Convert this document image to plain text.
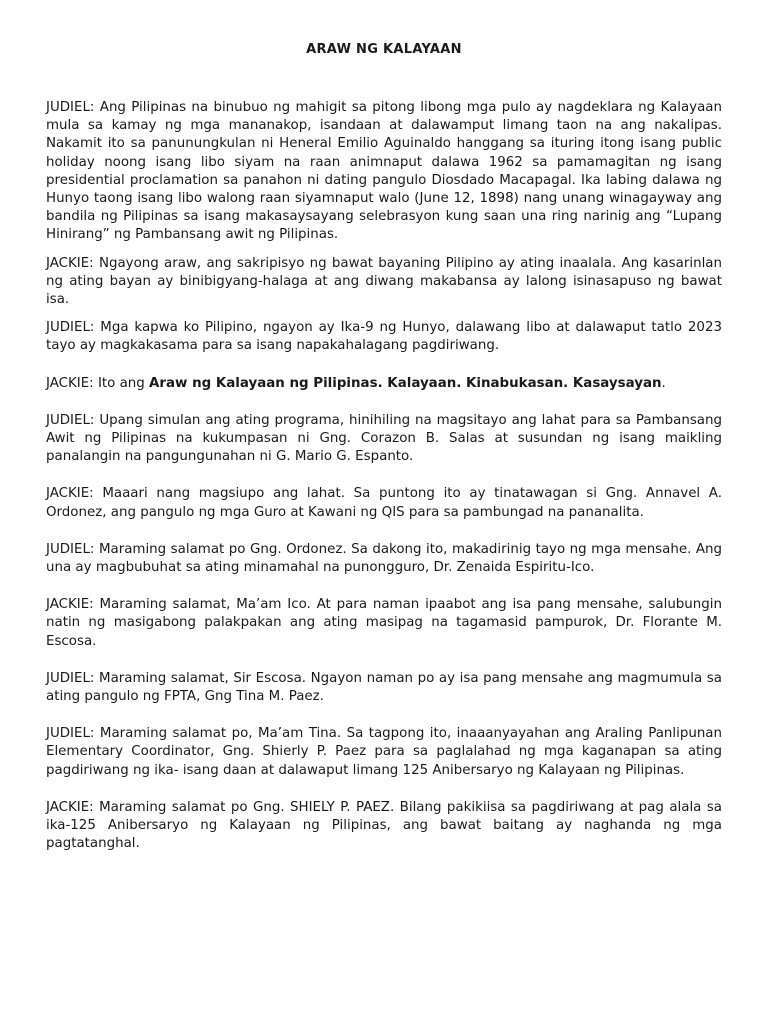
ARAW NG KALAYAAN

JUDIEL: Ang Pilipinas na binubuo ng mahigit sa pitong libong mga pulo ay nagdeklara ng Kalayaan mula sa kamay ng mga mananakop, isandaan at dalawamput limang taon na ang nakalipas. Nakamit ito sa panunungkulan ni Heneral Emilio Aguinaldo hanggang sa ituring itong isang public holiday noong isang libo siyam na raan animnaput dalawa 1962 sa pamamagitan ng isang presidential proclamation sa panahon ni dating pangulo Diosdado Macapagal. Ika labing dalawa ng Hunyo taong isang libo walong raan siyamnaput walo (June 12, 1898) nang unang winagayway ang bandila ng Pilipinas sa isang makasaysayang selebrasyon kung saan una ring narinig ang “Lupang Hinirang” ng Pambansang awit ng Pilipinas.

JACKIE: Ngayong araw, ang sakripisyo ng bawat bayaning Pilipino ay ating inaalala. Ang kasarinlan ng ating bayan ay binibigyang-halaga at ang diwang makabansa ay lalong isinasapuso ng bawat isa.

JUDIEL: Mga kapwa ko Pilipino, ngayon ay Ika-9 ng Hunyo, dalawang libo at dalawaput tatlo 2023 tayo ay magkakasama para sa isang napakahalagang pagdiriwang.

JACKIE: Ito ang Araw ng Kalayaan ng Pilipinas. Kalayaan. Kinabukasan. Kasaysayan.

JUDIEL: Upang simulan ang ating programa, hinihiling na magsitayo ang lahat para sa Pambansang Awit ng Pilipinas na kukumpasan ni Gng. Corazon B. Salas at susundan ng isang maikling panalangin na pangungunahan ni G. Mario G. Espanto.

JACKIE: Maaari nang magsiupo ang lahat. Sa puntong ito ay tinatawagan si Gng. Annavel A. Ordonez, ang pangulo ng mga Guro at Kawani ng QIS para sa pambungad na pananalita.

JUDIEL: Maraming salamat po Gng. Ordonez. Sa dakong ito, makadirinig tayo ng mga mensahe. Ang una ay magbubuhat sa ating minamahal na punongguro, Dr. Zenaida Espiritu-Ico.

JACKIE: Maraming salamat, Ma’am Ico. At para naman ipaabot ang isa pang mensahe, salubungin natin ng masigabong palakpakan ang ating masipag na tagamasid pampurok, Dr. Florante M. Escosa.

JUDIEL: Maraming salamat, Sir Escosa. Ngayon naman po ay isa pang mensahe ang magmumula sa ating pangulo ng FPTA, Gng Tina M. Paez.

JUDIEL: Maraming salamat po, Ma’am Tina. Sa tagpong ito, inaaanyayahan ang Araling Panlipunan Elementary Coordinator, Gng. Shierly P. Paez para sa paglalahad ng mga kaganapan sa ating pagdiriwang ng ika- isang daan at dalawaput limang 125 Anibersaryo ng Kalayaan ng Pilipinas.

JACKIE: Maraming salamat po Gng. SHIELY P. PAEZ. Bilang pakikiisa sa pagdiriwang at pag alala sa ika-125 Anibersaryo ng Kalayaan ng Pilipinas, ang bawat baitang ay naghanda ng mga pagtatanghal.
